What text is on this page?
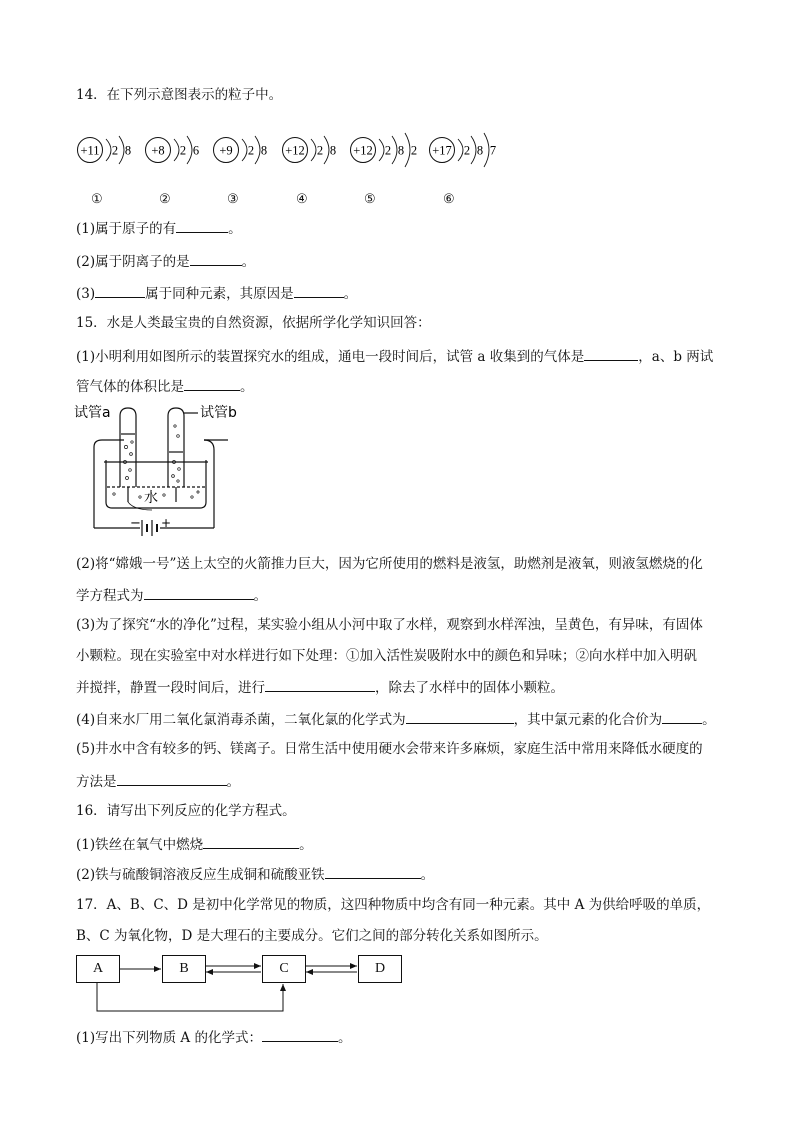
14．在下列示意图表示的粒子中。
+11 2 8
①
+8 2 6
②
+9 2 8
③
+12 2 8
④
+12 2 8 2
⑤
+17 2 8 7
⑥
(1)属于原子的有	。
(2)属于阴离子的是	。
(3)	属于同种元素，其原因是	。
15．水是人类最宝贵的自然资源，依据所学化学知识回答：
(1)小明利用如图所示的装置探究水的组成，通电一段时间后，试管 a 收集到的气体是	，a、b 两试
管气体的体积比是	。
试管a	试管b
水
− +
(2)将“嫦娥一号”送上太空的火箭推力巨大，因为它所使用的燃料是液氢，助燃剂是液氧，则液氢燃烧的化
学方程式为	。
(3)为了探究“水的净化”过程，某实验小组从小河中取了水样，观察到水样浑浊，呈黄色，有异味，有固体
小颗粒。现在实验室中对水样进行如下处理：①加入活性炭吸附水中的颜色和异味；②向水样中加入明矾
并搅拌，静置一段时间后，进行	，除去了水样中的固体小颗粒。
(4)自来水厂用二氧化氯消毒杀菌，二氧化氯的化学式为	，其中氯元素的化合价为	。
(5)井水中含有较多的钙、镁离子。日常生活中使用硬水会带来许多麻烦，家庭生活中常用来降低水硬度的
方法是	。
16．请写出下列反应的化学方程式。
(1)铁丝在氧气中燃烧	。
(2)铁与硫酸铜溶液反应生成铜和硫酸亚铁	。
17．A、B、C、D 是初中化学常见的物质，这四种物质中均含有同一种元素。其中 A 为供给呼吸的单质，
B、C 为氧化物，D 是大理石的主要成分。它们之间的部分转化关系如图所示。
A	B	C	D
(1)写出下列物质 A 的化学式：	。
